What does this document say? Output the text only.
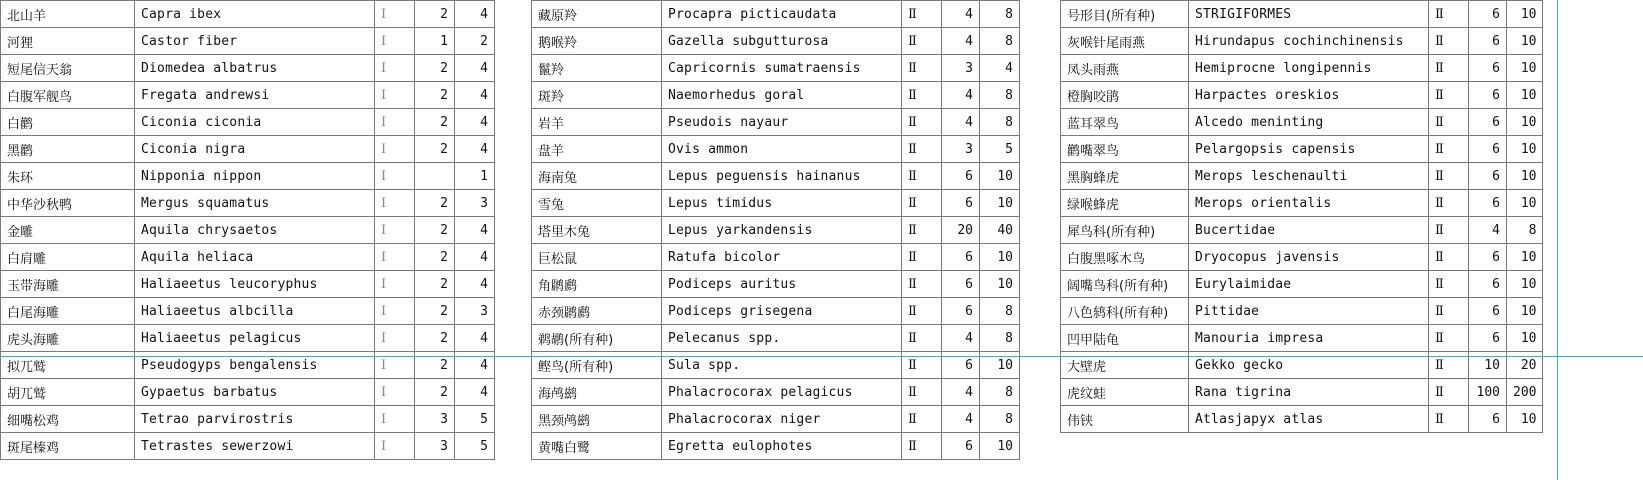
北山羊	Capra ibex	Ⅰ	2	4
河狸	Castor fiber	Ⅰ	1	2
短尾信天翁	Diomedea albatrus	Ⅰ	2	4
白腹军舰鸟	Fregata andrewsi	Ⅰ	2	4
白鹳	Ciconia ciconia	Ⅰ	2	4
黑鹳	Ciconia nigra	Ⅰ	2	4
朱环	Nipponia nippon	Ⅰ		1
中华沙秋鸭	Mergus squamatus	Ⅰ	2	3
金雕	Aquila chrysaetos	Ⅰ	2	4
白肩雕	Aquila heliaca	Ⅰ	2	4
玉带海雕	Haliaeetus leucoryphus	Ⅰ	2	4
白尾海雕	Haliaeetus albcilla	Ⅰ	2	3
虎头海雕	Haliaeetus pelagicus	Ⅰ	2	4
拟兀鹫	Pseudogyps bengalensis	Ⅰ	2	4
胡兀鹫	Gypaetus barbatus	Ⅰ	2	4
细嘴松鸡	Tetrao parvirostris	Ⅰ	3	5
斑尾榛鸡	Tetrastes sewerzowi	Ⅰ	3	5
藏原羚	Procapra picticaudata	Ⅱ	4	8
鹅喉羚	Gazella subgutturosa	Ⅱ	4	8
鬣羚	Capricornis sumatraensis	Ⅱ	3	4
斑羚	Naemorhedus goral	Ⅱ	4	8
岩羊	Pseudois nayaur	Ⅱ	4	8
盘羊	Ovis ammon	Ⅱ	3	5
海南兔	Lepus peguensis hainanus	Ⅱ	6	10
雪兔	Lepus timidus	Ⅱ	6	10
塔里木兔	Lepus yarkandensis	Ⅱ	20	40
巨松鼠	Ratufa bicolor	Ⅱ	6	10
角䴙䴘	Podiceps auritus	Ⅱ	6	10
赤颈䴙䴘	Podiceps grisegena	Ⅱ	6	8
鹈鹕(所有种)	Pelecanus spp.	Ⅱ	4	8
鲣鸟(所有种)	Sula spp.	Ⅱ	6	10
海鸬鹚	Phalacrocorax pelagicus	Ⅱ	4	8
黑颈鸬鹚	Phalacrocorax niger	Ⅱ	4	8
黄嘴白鹭	Egretta eulophotes	Ⅱ	6	10
号形目(所有种)	STRIGIFORMES	Ⅱ	6	10
灰喉针尾雨燕	Hirundapus cochinchinensis	Ⅱ	6	10
凤头雨燕	Hemiprocne longipennis	Ⅱ	6	10
橙胸咬鹃	Harpactes oreskios	Ⅱ	6	10
蓝耳翠鸟	Alcedo meninting	Ⅱ	6	10
鹳嘴翠鸟	Pelargopsis capensis	Ⅱ	6	10
黑胸蜂虎	Merops leschenaulti	Ⅱ	6	10
绿喉蜂虎	Merops orientalis	Ⅱ	6	10
犀鸟科(所有种)	Bucertidae	Ⅱ	4	8
白腹黑啄木鸟	Dryocopus javensis	Ⅱ	6	10
阔嘴鸟科(所有种)	Eurylaimidae	Ⅱ	6	10
八色鸫科(所有种)	Pittidae	Ⅱ	6	10
凹甲陆龟	Manouria impresa	Ⅱ	6	10
大壁虎	Gekko gecko	Ⅱ	10	20
虎纹蛙	Rana tigrina	Ⅱ	100	200
伟铗	Atlasjapyx atlas	Ⅱ	6	10
